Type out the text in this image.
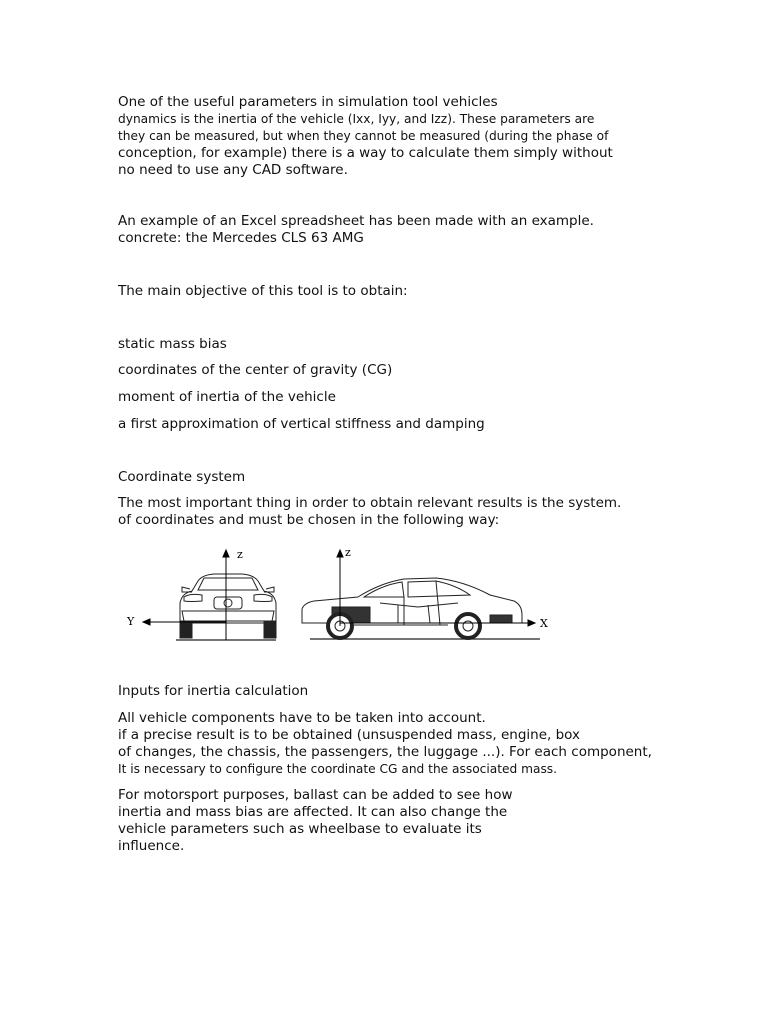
One of the useful parameters in simulation tool vehicles
dynamics is the inertia of the vehicle (Ixx, Iyy, and Izz). These parameters are
they can be measured, but when they cannot be measured (during the phase of
conception, for example) there is a way to calculate them simply without
no need to use any CAD software.
An example of an Excel spreadsheet has been made with an example.
concrete: the Mercedes CLS 63 AMG

The main objective of this tool is to obtain:

static mass bias

coordinates of the center of gravity (CG)

moment of inertia of the vehicle

a first approximation of vertical stiffness and damping

Coordinate system

The most important thing in order to obtain relevant results is the system.
of coordinates and must be chosen in the following way:
z
Y
z
X

Inputs for inertia calculation

All vehicle components have to be taken into account.
if a precise result is to be obtained (unsuspended mass, engine, box
of changes, the chassis, the passengers, the luggage ...). For each component,
It is necessary to configure the coordinate CG and the associated mass.
For motorsport purposes, ballast can be added to see how
inertia and mass bias are affected. It can also change the
vehicle parameters such as wheelbase to evaluate its
influence.
